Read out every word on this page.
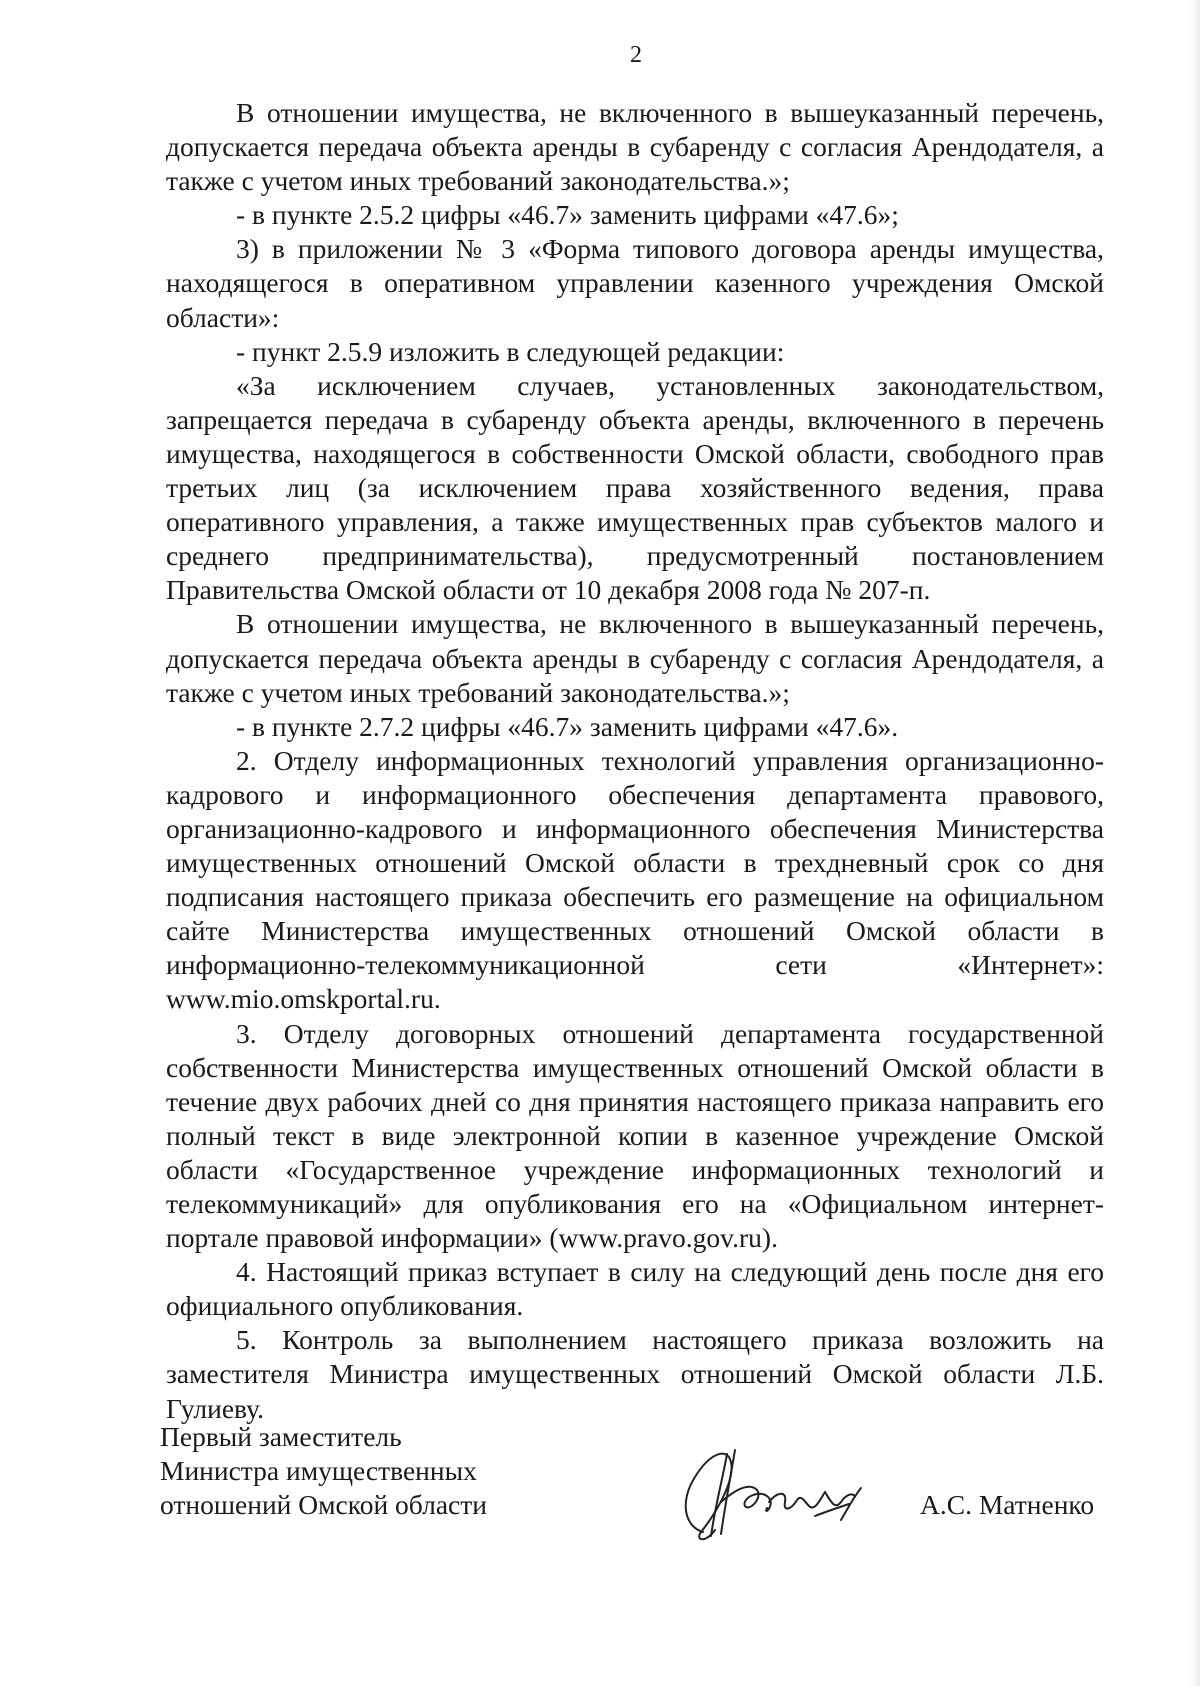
2

В отношении имущества, не включенного в вышеуказанный перечень, допускается передача объекта аренды в субаренду с согласия Арендодателя, а также с учетом иных требований законодательства.»;

- в пункте 2.5.2 цифры «46.7» заменить цифрами «47.6»;

3) в приложении № 3 «Форма типового договора аренды имущества, находящегося в оперативном управлении казенного учреждения Омской области»:

- пункт 2.5.9 изложить в следующей редакции:

«За исключением случаев, установленных законодательством, запрещается передача в субаренду объекта аренды, включенного в перечень имущества, находящегося в собственности Омской области, свободного прав третьих лиц (за исключением права хозяйственного ведения, права оперативного управления, а также имущественных прав субъектов малого и среднего предпринимательства), предусмотренный постановлением Правительства Омской области от 10 декабря 2008 года № 207-п.

В отношении имущества, не включенного в вышеуказанный перечень, допускается передача объекта аренды в субаренду с согласия Арендодателя, а также с учетом иных требований законодательства.»;

- в пункте 2.7.2 цифры «46.7» заменить цифрами «47.6».

2. Отделу информационных технологий управления организационно-кадрового и информационного обеспечения департамента правового, организационно-кадрового и информационного обеспечения Министерства имущественных отношений Омской области в трехдневный срок со дня подписания настоящего приказа обеспечить его размещение на официальном сайте Министерства имущественных отношений Омской области в информационно-телекоммуникационной сети «Интернет»: www.mio.omskportal.ru.

3. Отделу договорных отношений департамента государственной собственности Министерства имущественных отношений Омской области в течение двух рабочих дней со дня принятия настоящего приказа направить его полный текст в виде электронной копии в казенное учреждение Омской области «Государственное учреждение информационных технологий и телекоммуникаций» для опубликования его на «Официальном интернет-портале правовой информации» (www.pravo.gov.ru).

4. Настоящий приказ вступает в силу на следующий день после дня его официального опубликования.

5. Контроль за выполнением настоящего приказа возложить на заместителя Министра имущественных отношений Омской области Л.Б. Гулиеву.

Первый заместитель
Министра имущественных
отношений Омской области	А.С. Матненко
